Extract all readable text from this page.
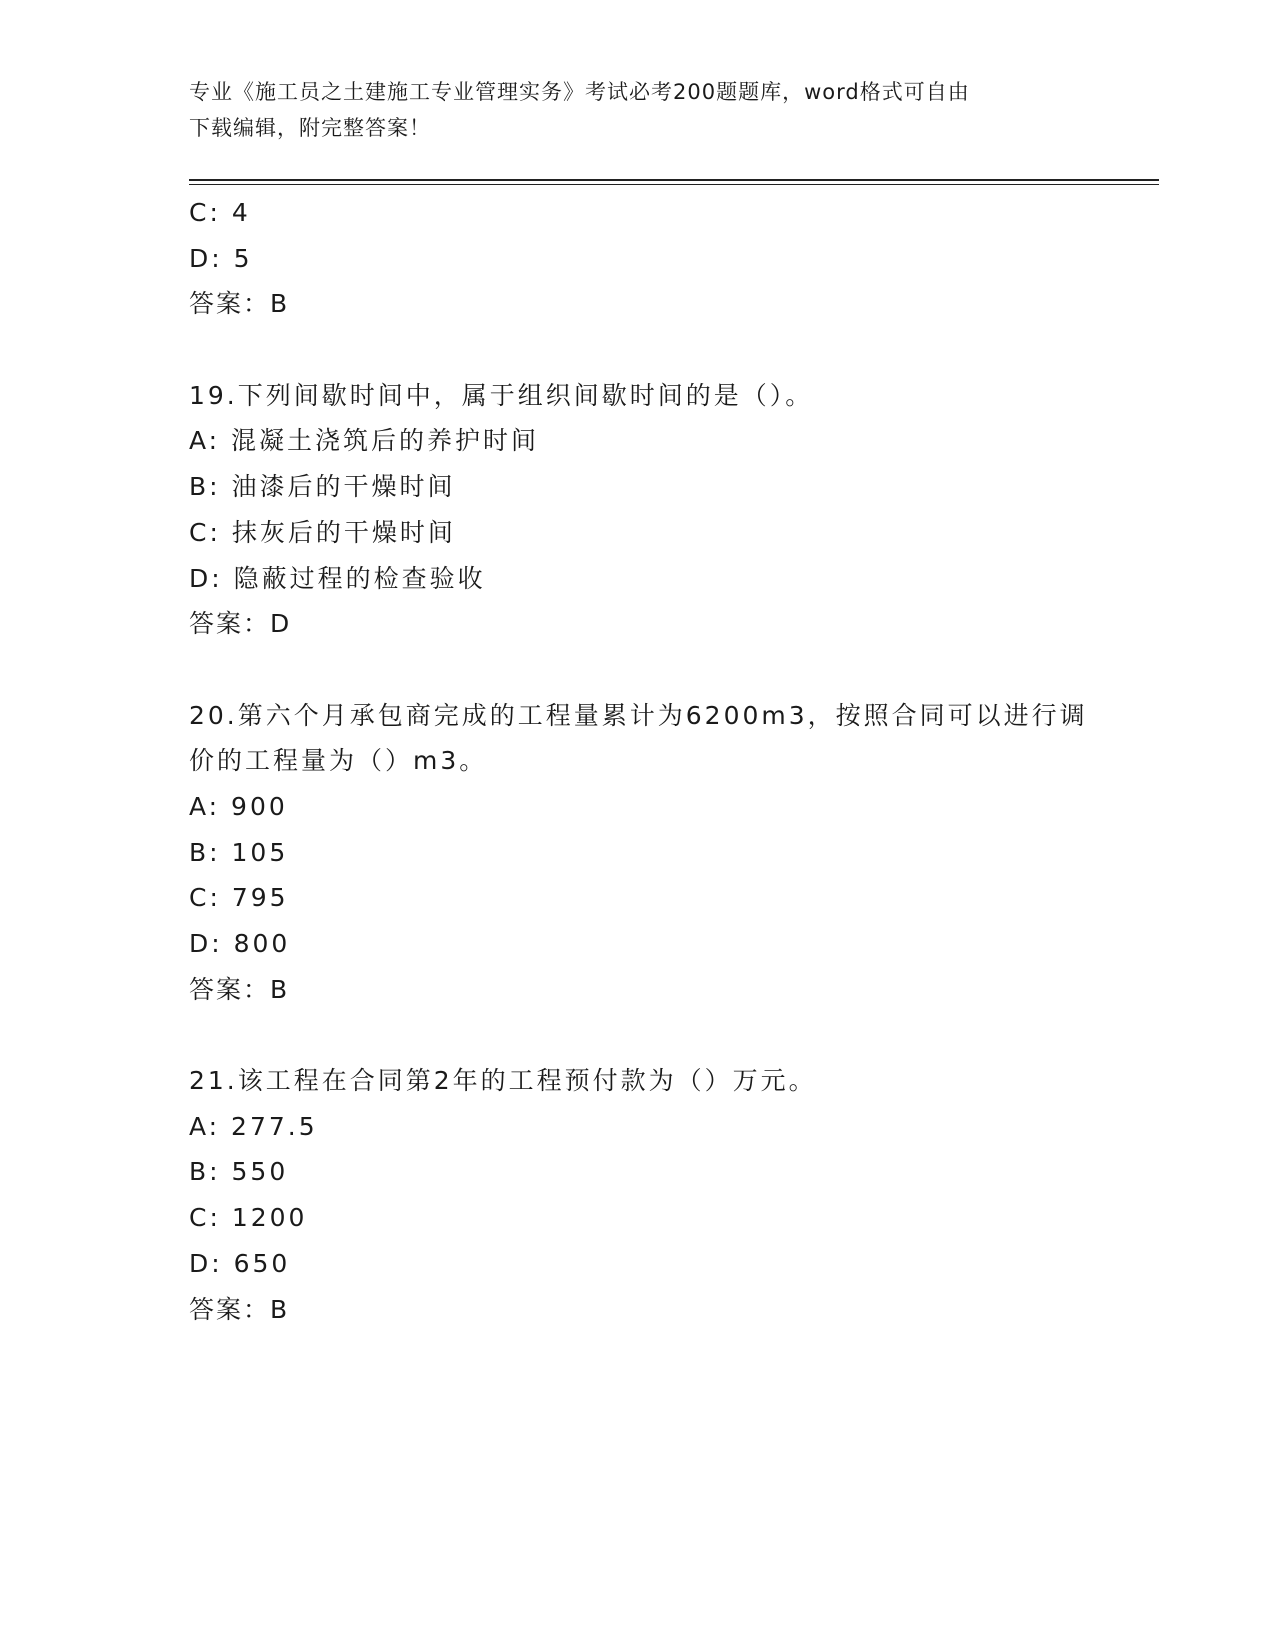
专业《施工员之土建施工专业管理实务》考试必考200题题库，word格式可自由
下载编辑，附完整答案！
C: 4
D: 5
答案：B
19.下列间歇时间中，属于组织间歇时间的是（）。
A: 混凝土浇筑后的养护时间
B: 油漆后的干燥时间
C: 抹灰后的干燥时间
D: 隐蔽过程的检查验收
答案：D
20.第六个月承包商完成的工程量累计为6200m3，按照合同可以进行调
价的工程量为（）m3。
A: 900
B: 105
C: 795
D: 800
答案：B
21.该工程在合同第2年的工程预付款为（）万元。
A: 277.5
B: 550
C: 1200
D: 650
答案：B
